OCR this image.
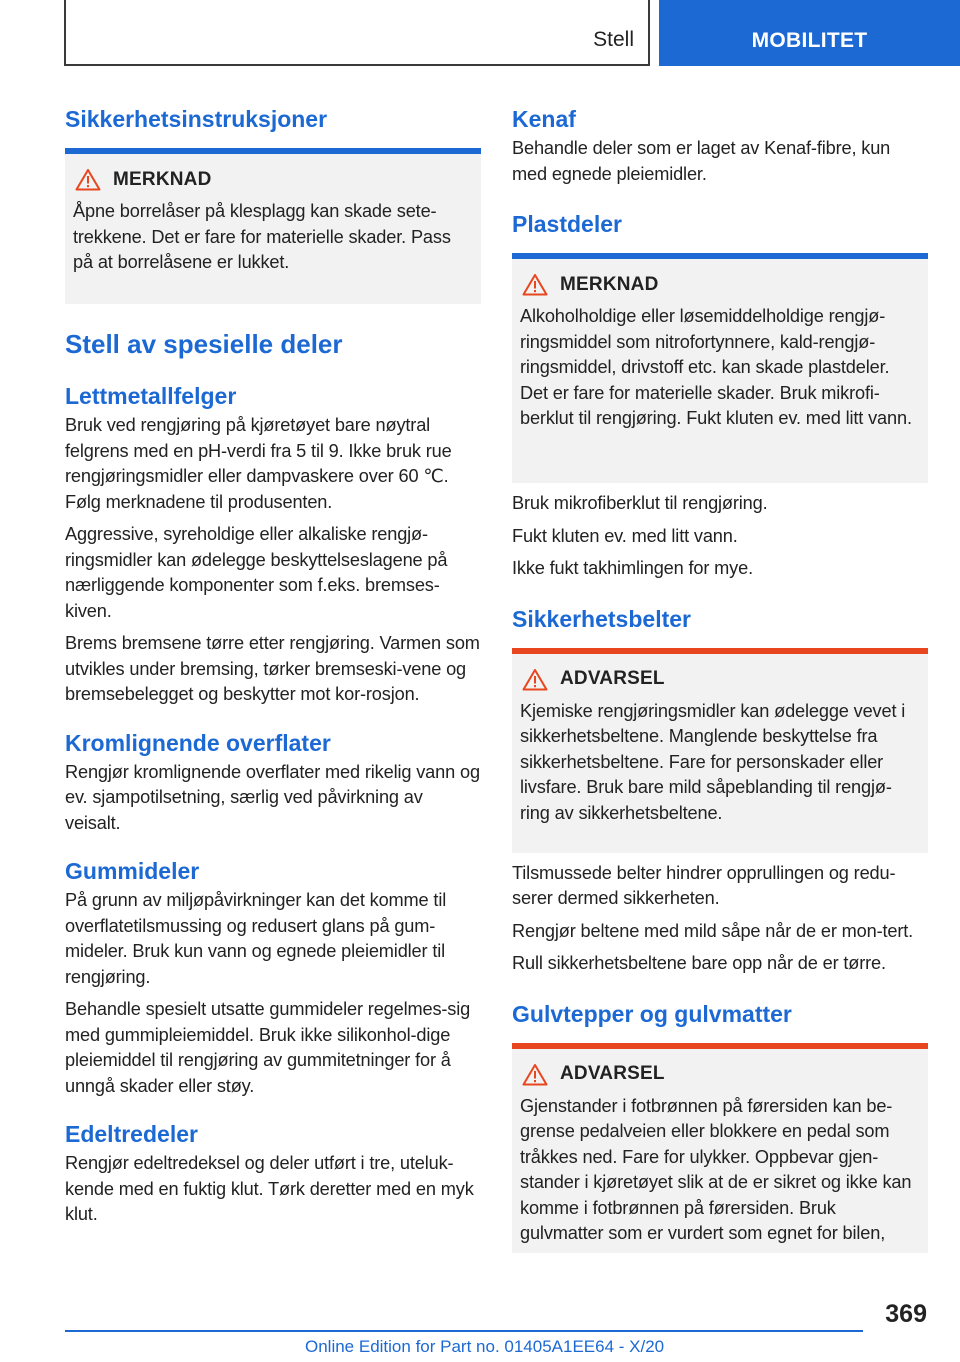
Stell	MOBILITET
Sikkerhetsinstruksjoner
MERKNAD
Åpne borrelåser på klesplagg kan skade sete-trekkene. Det er fare for materielle skader. Pass på at borrelåsene er lukket.
Stell av spesielle deler
Lettmetallfelger
Bruk ved rengjøring på kjøretøyet bare nøytral felgrens med en pH-verdi fra 5 til 9. Ikke bruk rue rengjøringsmidler eller dampvaskere over 60 ℃. Følg merknadene til produsenten.
Aggressive, syreholdige eller alkaliske rengjø-ringsmidler kan ødelegge beskyttelseslagene på nærliggende komponenter som f.eks. bremses-kiven.
Brems bremsene tørre etter rengjøring. Varmen som utvikles under bremsing, tørker bremseski-vene og bremsebelegget og beskytter mot kor-rosjon.
Kromlignende overflater
Rengjør kromlignende overflater med rikelig vann og ev. sjampotilsetning, særlig ved påvirkning av veisalt.
Gummideler
På grunn av miljøpåvirkninger kan det komme til overflatetilsmussing og redusert glans på gum-mideler. Bruk kun vann og egnede pleiemidler til rengjøring.
Behandle spesielt utsatte gummideler regelmes-sig med gummipleiemiddel. Bruk ikke silikonhol-dige pleiemiddel til rengjøring av gummitetninger for å unngå skader eller støy.
Edeltredeler
Rengjør edeltredeksel og deler utført i tre, uteluk-kende med en fuktig klut. Tørk deretter med en myk klut.
Kenaf
Behandle deler som er laget av Kenaf-fibre, kun med egnede pleiemidler.
Plastdeler
MERKNAD
Alkoholholdige eller løsemiddelholdige rengjø-ringsmiddel som nitrofortynnere, kald-rengjø-ringsmiddel, drivstoff etc. kan skade plastdeler. Det er fare for materielle skader. Bruk mikrofi-berklut til rengjøring. Fukt kluten ev. med litt vann.
Bruk mikrofiberklut til rengjøring.
Fukt kluten ev. med litt vann.
Ikke fukt takhimlingen for mye.
Sikkerhetsbelter
ADVARSEL
Kjemiske rengjøringsmidler kan ødelegge vevet i sikkerhetsbeltene. Manglende beskyttelse fra sikkerhetsbeltene. Fare for personskader eller livsfare. Bruk bare mild såpeblanding til rengjø-ring av sikkerhetsbeltene.
Tilsmussede belter hindrer opprullingen og redu-serer dermed sikkerheten.
Rengjør beltene med mild såpe når de er mon-tert.
Rull sikkerhetsbeltene bare opp når de er tørre.
Gulvtepper og gulvmatter
ADVARSEL
Gjenstander i fotbrønnen på førersiden kan be-grense pedalveien eller blokkere en pedal som tråkkes ned. Fare for ulykker. Oppbevar gjen-stander i kjøretøyet slik at de er sikret og ikke kan komme i fotbrønnen på førersiden. Bruk gulvmatter som er vurdert som egnet for bilen,
369
Online Edition for Part no. 01405A1EE64 - X/20
